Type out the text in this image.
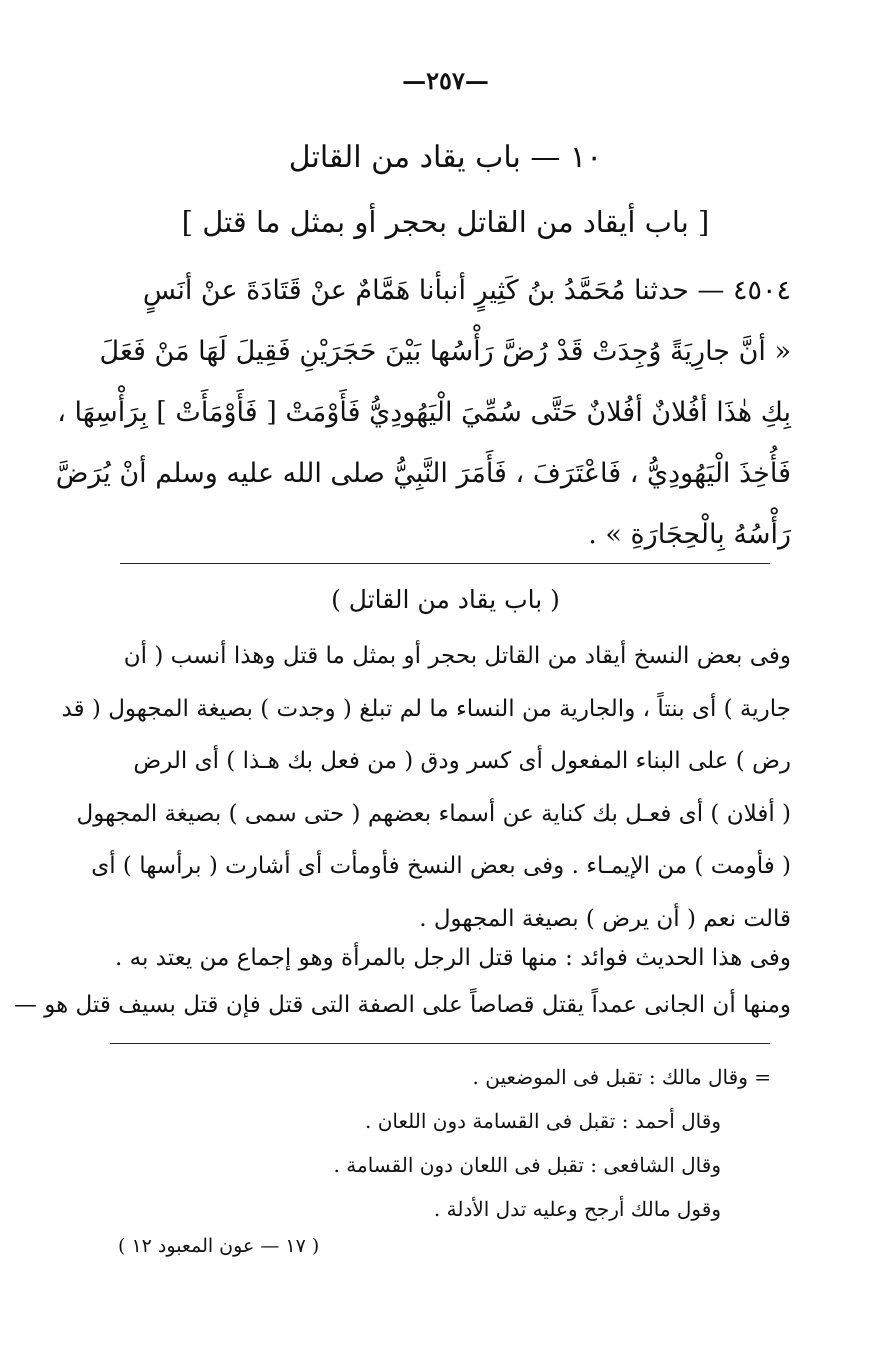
—٢٥٧—
١٠ — باب يقاد من القاتل
[ باب أيقاد من القاتل بحجر أو بمثل ما قتل ]

٤٥٠٤ — حدثنا مُحَمَّدُ بنُ كَثِيرٍ أنبأنا هَمَّامٌ عنْ قَتَادَةَ عنْ أنَسٍ

« أنَّ جارِيَةً وُجِدَتْ قَدْ رُضَّ رَأْسُها بَيْنَ حَجَرَيْنِ فَقِيلَ لَهَا مَنْ فَعَلَ

بِكِ هٰذَا أفُلانٌ أفُلانٌ حَتَّى سُمِّيَ الْيَهُودِيُّ فَأَوْمَتْ [ فَأَوْمَأَتْ ] بِرَأْسِهَا ،

فَأُخِذَ الْيَهُودِيُّ ، فَاعْتَرَفَ ، فَأَمَرَ النَّبِيُّ صلى الله عليه وسلم أنْ يُرَضَّ

رَأْسُهُ بِالْحِجَارَةِ » .

( باب يقاد من القاتل )

وفى بعض النسخ أيقاد من القاتل بحجر أو بمثل ما قتل وهذا أنسب ( أن

جارية ) أى بنتاً ، والجارية من النساء ما لم تبلغ ( وجدت ) بصيغة المجهول ( قد

رض ) على البناء المفعول أى كسر ودق ( من فعل بك هـذا ) أى الرض

( أفلان ) أى فعـل بك كناية عن أسماء بعضهم ( حتى سمى ) بصيغة المجهول

( فأومت ) من الإيمـاء . وفى بعض النسخ فأومأت أى أشارت ( برأسها ) أى

قالت نعم ( أن يرض ) بصيغة المجهول .

وفى هذا الحديث فوائد : منها قتل الرجل بالمرأة وهو إجماع من يعتد به .

ومنها أن الجانى عمداً يقتل قصاصاً على الصفة التى قتل فإن قتل بسيف قتل هو —

= وقال مالك : تقبل فى الموضعين .

وقال أحمد : تقبل فى القسامة دون اللعان .

وقال الشافعى : تقبل فى اللعان دون القسامة .

وقول مالك أرجح وعليه تدل الأدلة .

( ١٧ — عون المعبود ١٢ )
